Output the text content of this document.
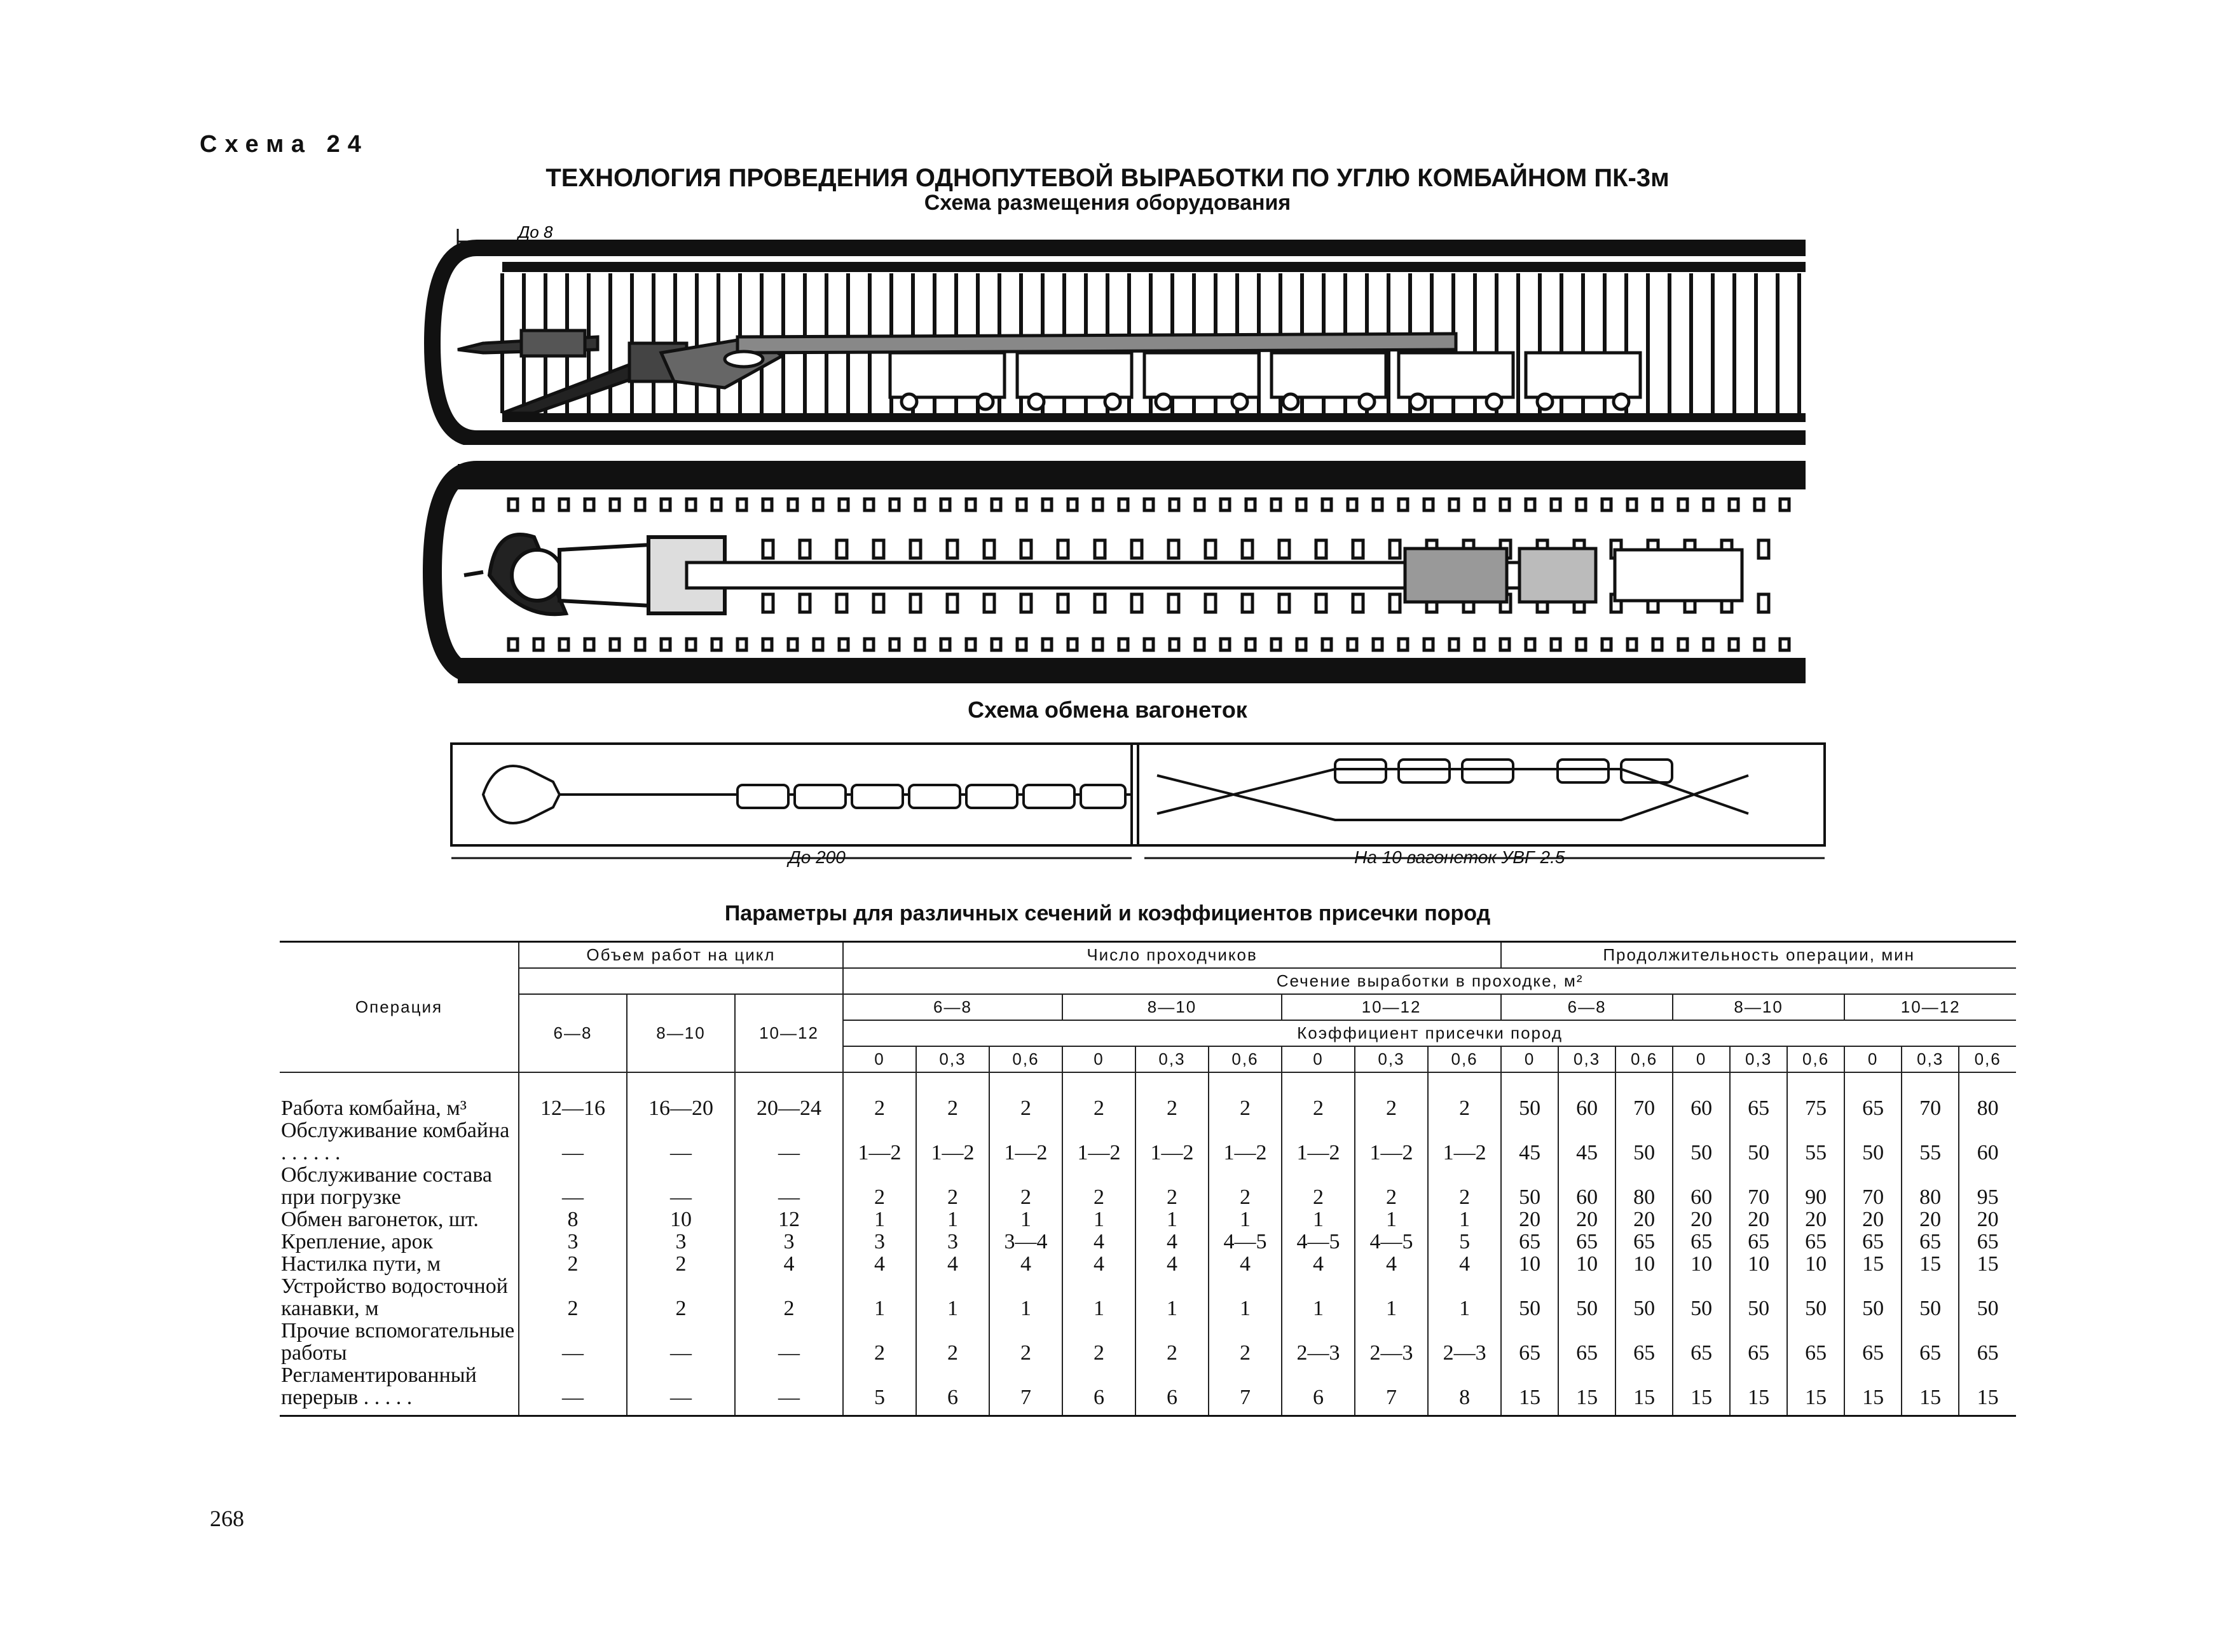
Схема 24
ТЕХНОЛОГИЯ ПРОВЕДЕНИЯ ОДНОПУТЕВОЙ ВЫРАБОТКИ ПО УГЛЮ КОМБАЙНОМ ПК-3м
Схема размещения оборудования
До 8
Схема обмена вагонеток
До 200	На 10 вагонеток УВГ-2.5
Параметры для различных сечений и коэффициентов присечки пород
Операция	Объем работ на цикл			Число проходчиков									Продолжительность операции, мин								
				Сечение выработки в проходке, м²																	
	6—8	8—10	10—12	6—8			8—10			10—12			6—8			8—10			10—12		
				Коэффициент присечки пород																	
				0	0,3	0,6	0	0,3	0,6	0	0,3	0,6	0	0,3	0,6	0	0,3	0,6	0	0,3	0,6
Работа комбайна, м³	12—16	16—20	20—24	2	2	2	2	2	2	2	2	2	50	60	70	60	65	75	65	70	80
Обслуживание комбайна . . . . . .	—	—	—	1—2	1—2	1—2	1—2	1—2	1—2	1—2	1—2	1—2	45	45	50	50	50	55	50	55	60
Обслуживание состава при погрузке	—	—	—	2	2	2	2	2	2	2	2	2	50	60	80	60	70	90	70	80	95
Обмен вагонеток, шт.	8	10	12	1	1	1	1	1	1	1	1	1	20	20	20	20	20	20	20	20	20
Крепление, арок	3	3	3	3	3	3—4	4	4	4—5	4—5	4—5	5	65	65	65	65	65	65	65	65	65
Настилка пути, м	2	2	4	4	4	4	4	4	4	4	4	4	10	10	10	10	10	10	15	15	15
Устройство водосточной канавки, м	2	2	2	1	1	1	1	1	1	1	1	1	50	50	50	50	50	50	50	50	50
Прочие вспомогательные работы	—	—	—	2	2	2	2	2	2	2—3	2—3	2—3	65	65	65	65	65	65	65	65	65
Регламентированный перерыв . . . . .	—	—	—	5	6	7	6	6	7	6	7	8	15	15	15	15	15	15	15	15	15
268
